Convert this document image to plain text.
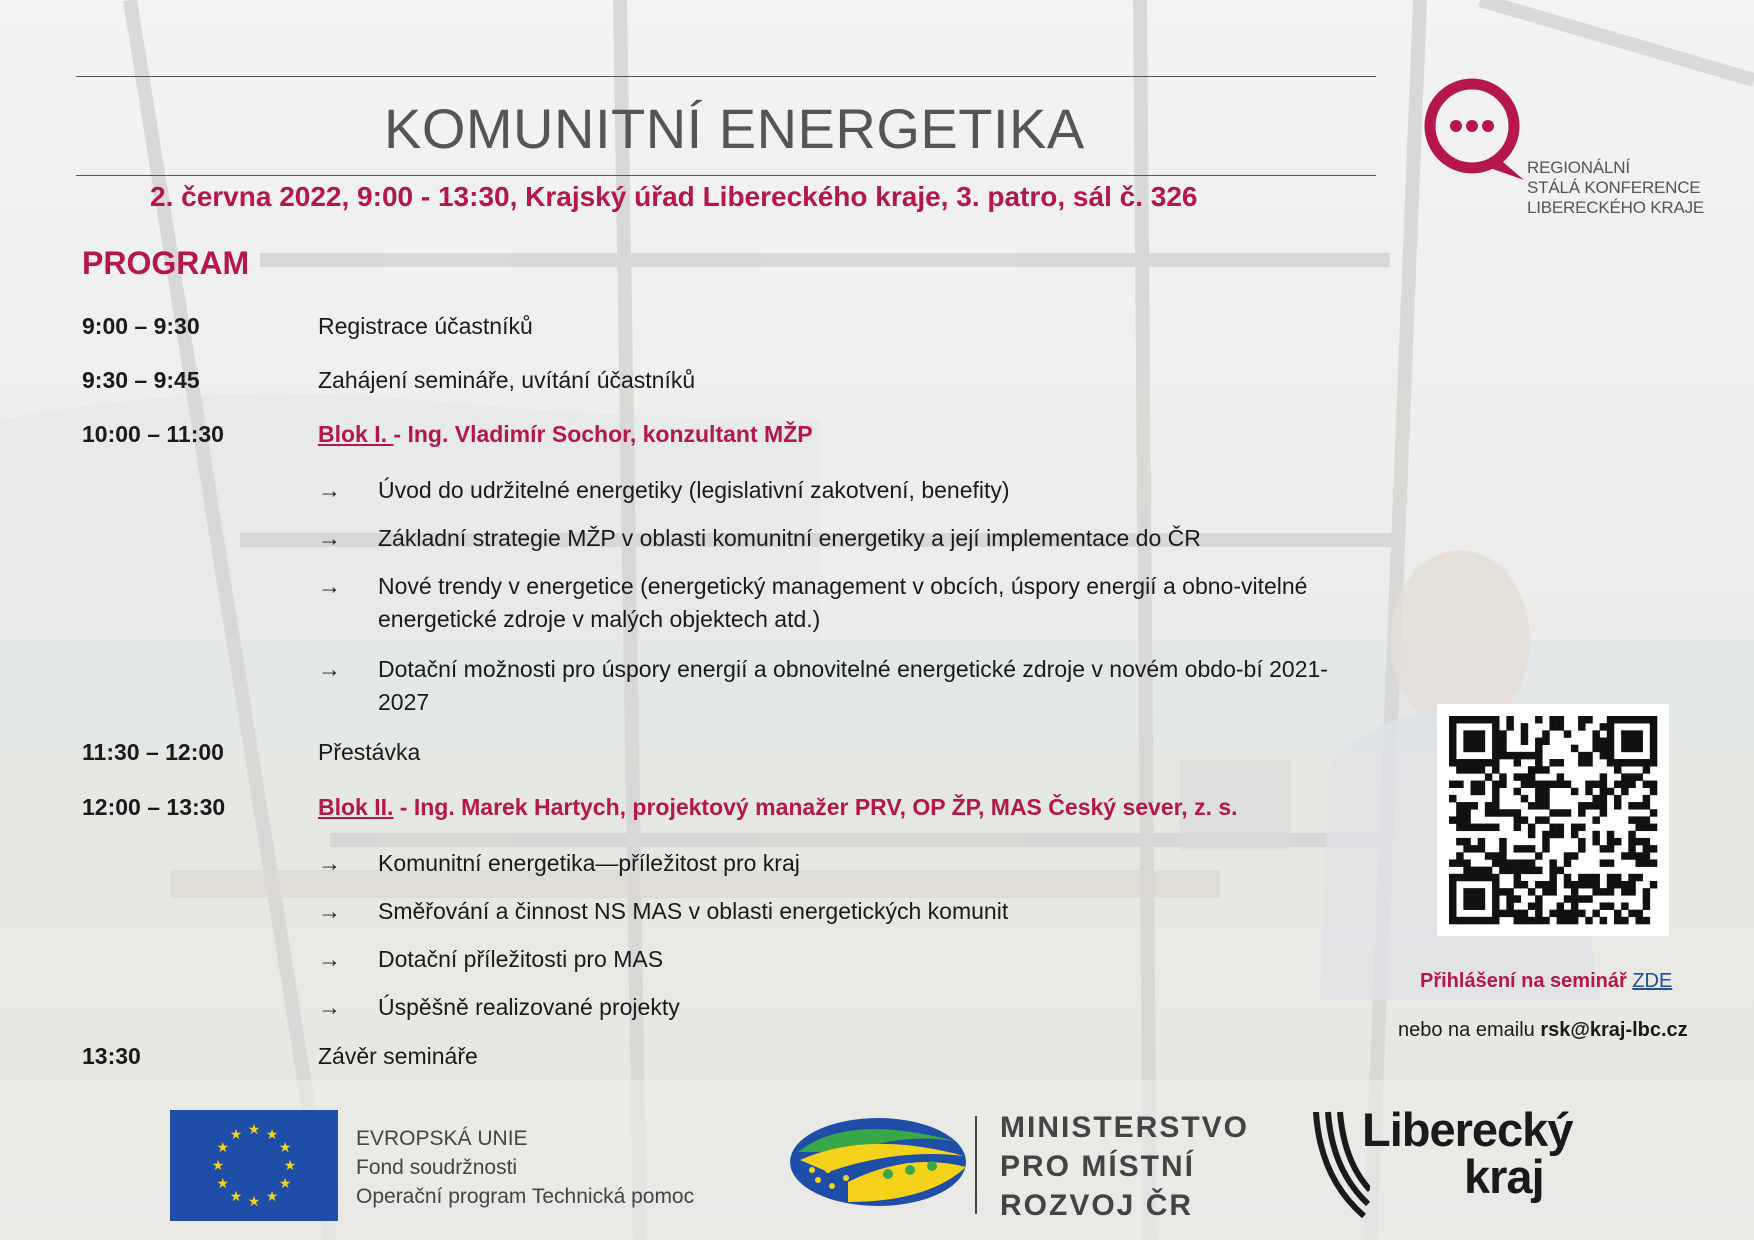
KOMUNITNÍ ENERGETIKA
2. června 2022, 9:00 - 13:30, Krajský úřad Libereckého kraje, 3. patro, sál č. 326
REGIONÁLNÍ
STÁLÁ KONFERENCE
LIBERECKÉHO KRAJE
PROGRAM
9:00 – 9:30	Registrace účastníků
9:30 – 9:45	Zahájení semináře, uvítání účastníků
10:00 – 11:30	Blok I. - Ing. Vladimír Sochor, konzultant MŽP
→ Úvod do udržitelné energetiky (legislativní zakotvení, benefity)
→ Základní strategie MŽP v oblasti komunitní energetiky a její implementace do ČR
→ Nové trendy v energetice (energetický management v obcích, úspory energií a obno-vitelné energetické zdroje v malých objektech atd.)
→ Dotační možnosti pro úspory energií a obnovitelné energetické zdroje v novém obdo-bí 2021-2027
11:30 – 12:00	Přestávka
12:00 – 13:30	Blok II. - Ing. Marek Hartych, projektový manažer PRV, OP ŽP, MAS Český sever, z. s.
→ Komunitní energetika—příležitost pro kraj
→ Směřování a činnost NS MAS v oblasti energetických komunit
→ Dotační příležitosti pro MAS
→ Úspěšně realizované projekty
13:30	Závěr semináře
Přihlášení na seminář ZDE
nebo na emailu rsk@kraj-lbc.cz
★ ★
★
★
★
★
★
★
★
★
★
★	EVROPSKÁ UNIE
Fond soudržnosti
Operační program Technická pomoc
MINISTERSTVO
PRO MÍSTNÍ
ROZVOJ ČR
Liberecký
kraj
